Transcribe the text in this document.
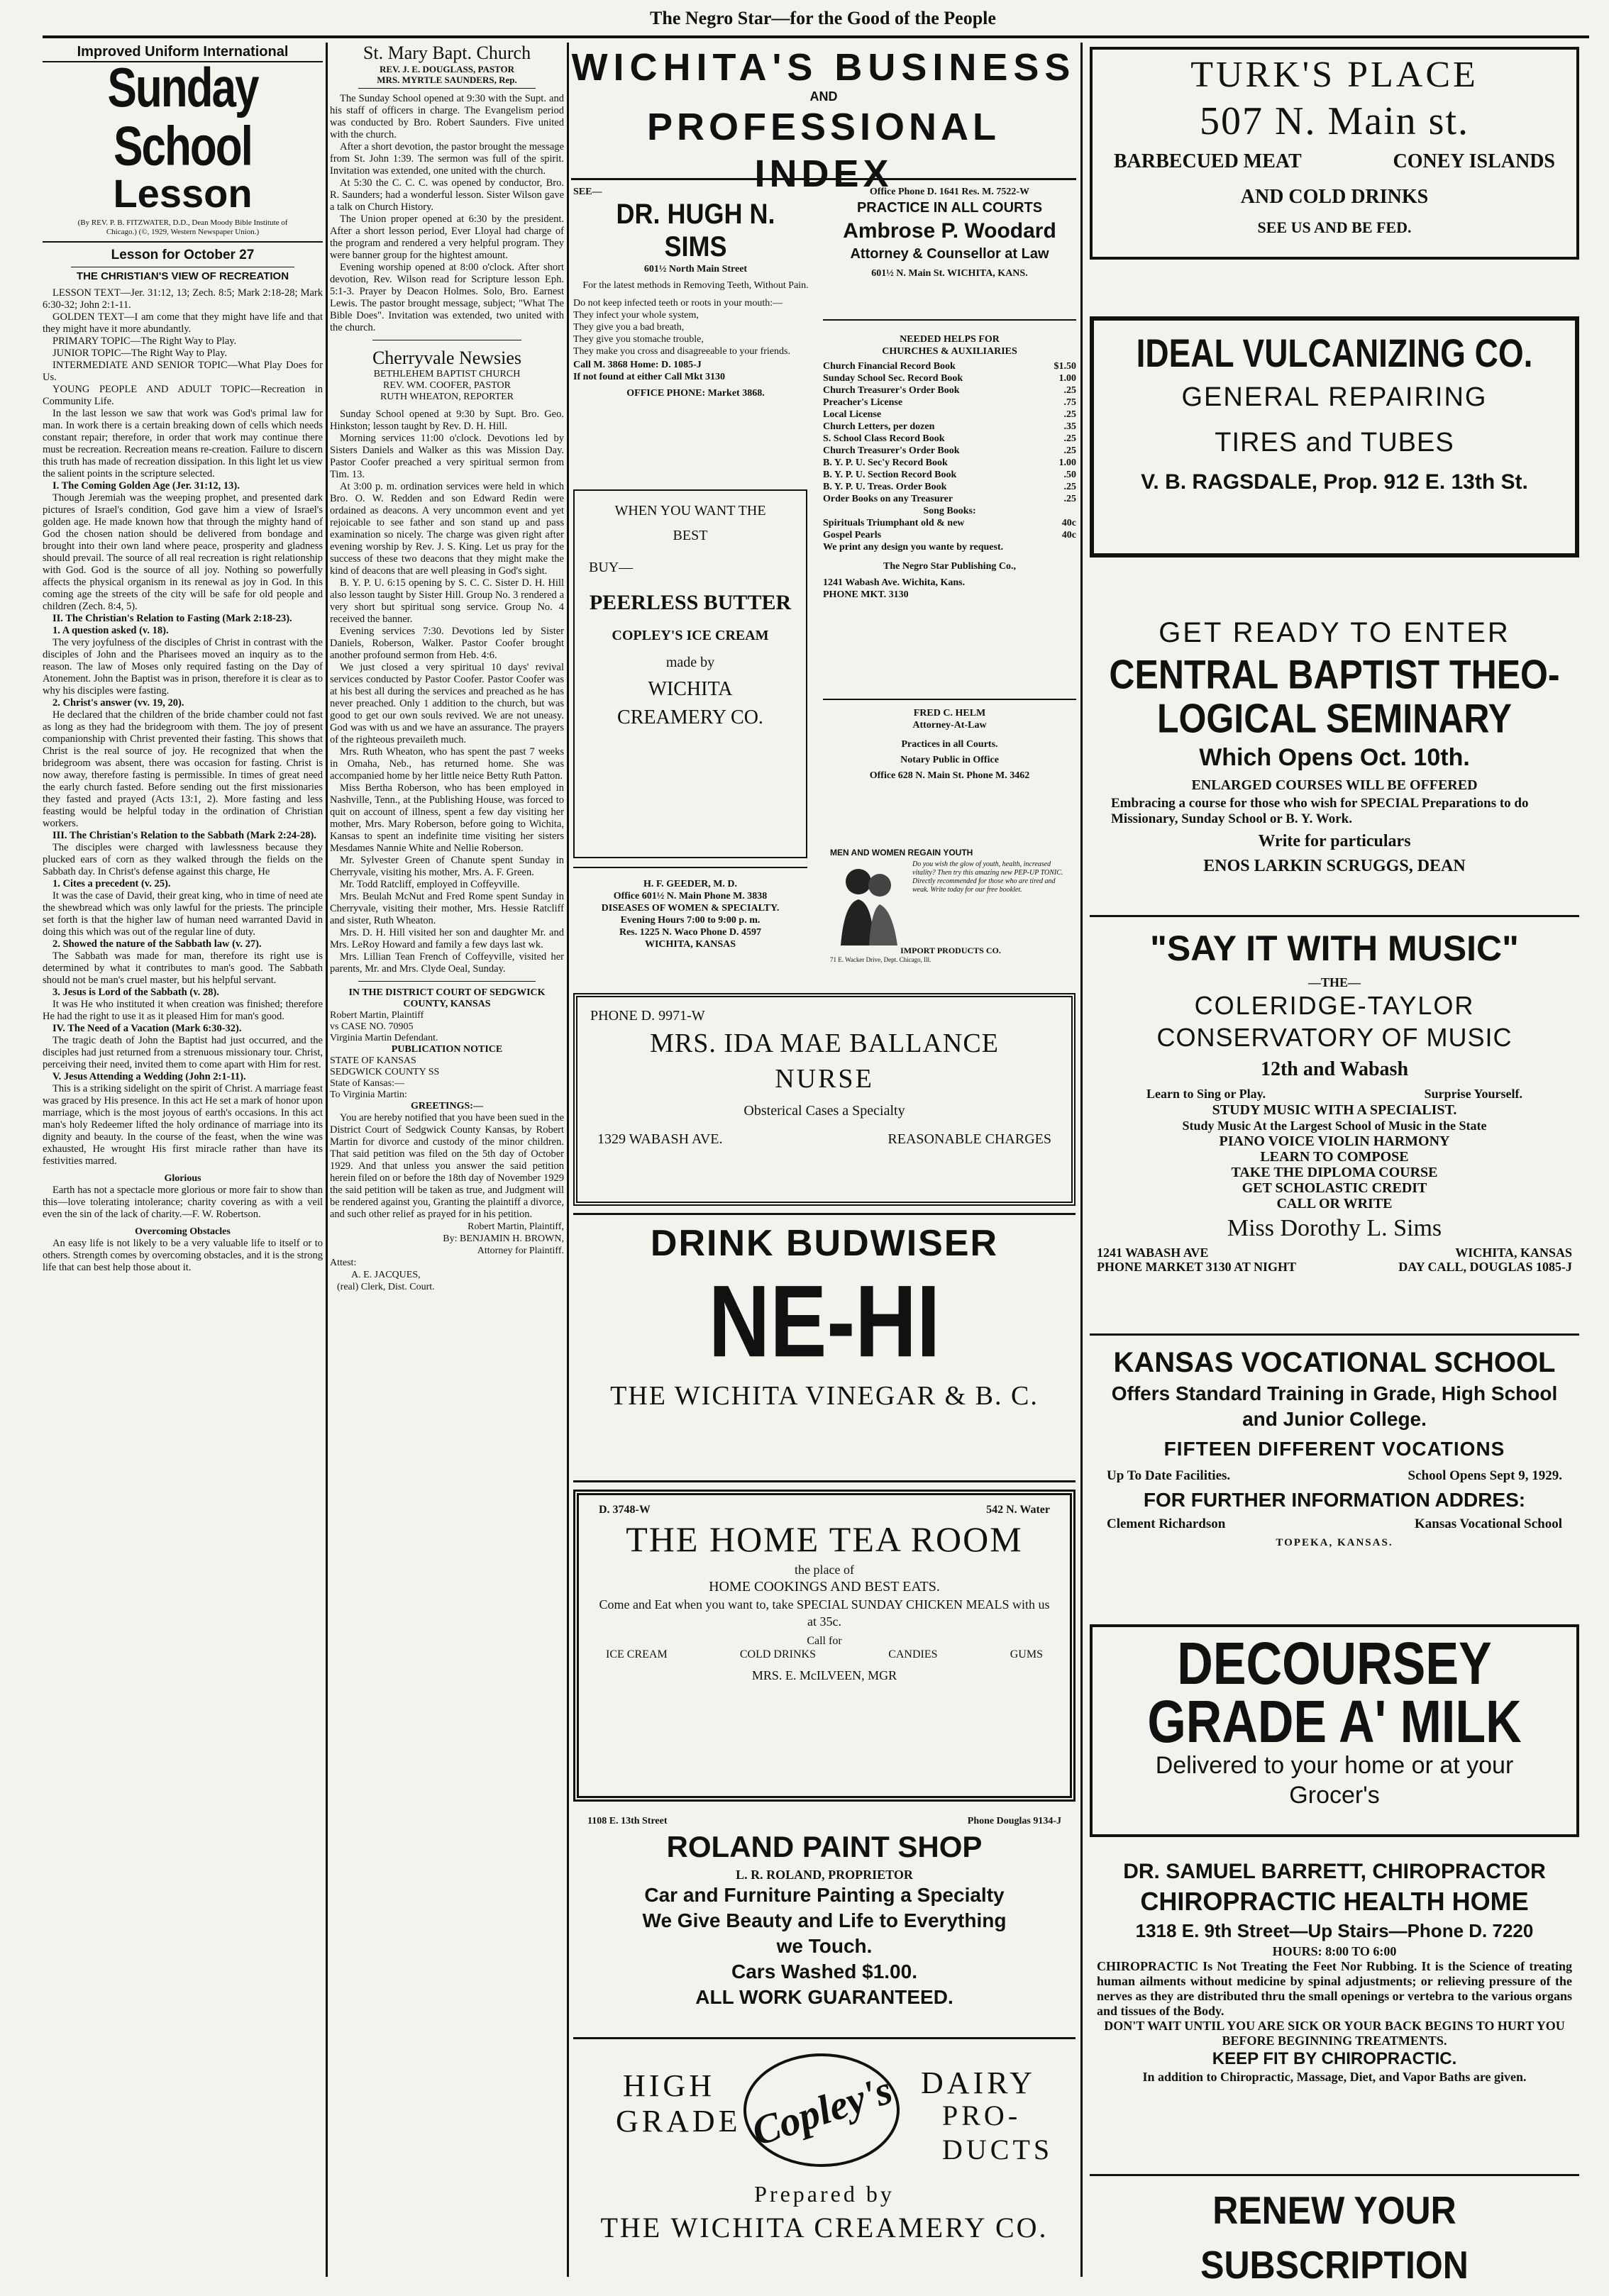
The Negro Star—for the Good of the People
Improved Uniform International
Sunday School
Lesson
(By REV. P. B. FITZWATER, D.D., Dean Moody Bible Institute of Chicago.) (©, 1929, Western Newspaper Union.)
Lesson for October 27
THE CHRISTIAN'S VIEW OF RECREATION
LESSON TEXT—Jer. 31:12, 13; Zech. 8:5; Mark 2:18-28; Mark 6:30-32; John 2:1-11.
GOLDEN TEXT—I am come that they might have life and that they might have it more abundantly.
PRIMARY TOPIC—The Right Way to Play.
JUNIOR TOPIC—The Right Way to Play.
INTERMEDIATE AND SENIOR TOPIC—What Play Does for Us.
YOUNG PEOPLE AND ADULT TOPIC—Recreation in Community Life.
In the last lesson we saw that work was God's primal law for man. In work there is a certain breaking down of cells which needs constant repair; therefore, in order that work may continue there must be recreation. Recreation means re-creation. Failure to discern this truth has made of recreation dissipation. In this light let us view the salient points in the scripture selected.
I. The Coming Golden Age (Jer. 31:12, 13).
Though Jeremiah was the weeping prophet, and presented dark pictures of Israel's condition, God gave him a view of Israel's golden age. He made known how that through the mighty hand of God the chosen nation should be delivered from bondage and brought into their own land where peace, prosperity and gladness should prevail. The source of all real recreation is right relationship with God. God is the source of all joy. Nothing so powerfully affects the physical organism in its renewal as joy in God. In this coming age the streets of the city will be safe for old people and children (Zech. 8:4, 5).
II. The Christian's Relation to Fasting (Mark 2:18-23).
1. A question asked (v. 18).
The very joyfulness of the disciples of Christ in contrast with the disciples of John and the Pharisees moved an inquiry as to the reason. The law of Moses only required fasting on the Day of Atonement. John the Baptist was in prison, therefore it is clear as to why his disciples were fasting.
2. Christ's answer (vv. 19, 20).
He declared that the children of the bride chamber could not fast as long as they had the bridegroom with them. The joy of present companionship with Christ prevented their fasting. This shows that Christ is the real source of joy. He recognized that when the bridegroom was absent, there was occasion for fasting. Christ is now away, therefore fasting is permissible. In times of great need the early church fasted. Before sending out the first missionaries they fasted and prayed (Acts 13:1, 2). More fasting and less feasting would be helpful today in the ordination of Christian workers.
III. The Christian's Relation to the Sabbath (Mark 2:24-28).
The disciples were charged with lawlessness because they plucked ears of corn as they walked through the fields on the Sabbath day. In Christ's defense against this charge, He
1. Cites a precedent (v. 25).
It was the case of David, their great king, who in time of need ate the shewbread which was only lawful for the priests. The principle set forth is that the higher law of human need warranted David in doing this which was out of the regular line of duty.
2. Showed the nature of the Sabbath law (v. 27).
The Sabbath was made for man, therefore its right use is determined by what it contributes to man's good. The Sabbath should not be man's cruel master, but his helpful servant.
3. Jesus is Lord of the Sabbath (v. 28).
It was He who instituted it when creation was finished; therefore He had the right to use it as it pleased Him for man's good.
IV. The Need of a Vacation (Mark 6:30-32).
The tragic death of John the Baptist had just occurred, and the disciples had just returned from a strenuous missionary tour. Christ, perceiving their need, invited them to come apart with Him for rest.
V. Jesus Attending a Wedding (John 2:1-11).
This is a striking sidelight on the spirit of Christ. A marriage feast was graced by His presence. In this act He set a mark of honor upon marriage, which is the most joyous of earth's occasions. In this act man's holy Redeemer lifted the holy ordinance of marriage into its dignity and beauty. In the course of the feast, when the wine was exhausted, He wrought His first miracle rather than have its festivities marred.
Glorious
Earth has not a spectacle more glorious or more fair to show than this—love tolerating intolerance; charity covering as with a veil even the sin of the lack of charity.—F. W. Robertson.
Overcoming Obstacles
An easy life is not likely to be a very valuable life to itself or to others. Strength comes by overcoming obstacles, and it is the strong life that can best help those about it.
St. Mary Bapt. Church
REV. J. E. DOUGLASS, PASTOR
MRS. MYRTLE SAUNDERS, Rep.
The Sunday School opened at 9:30 with the Supt. and his staff of officers in charge. The Evangelism period was conducted by Bro. Robert Saunders. Five united with the church.
After a short devotion, the pastor brought the message from St. John 1:39. The sermon was full of the spirit. Invitation was extended, one united with the church.
At 5:30 the C. C. C. was opened by conductor, Bro. R. Saunders; had a wonderful lesson. Sister Wilson gave a talk on Church History.
The Union proper opened at 6:30 by the president. After a short lesson period, Ever Lloyal had charge of the program and rendered a very helpful program. They were banner group for the hightest amount.
Evening worship opened at 8:00 o'clock. After short devotion, Rev. Wilson read for Scripture lesson Eph. 5:1-3. Prayer by Deacon Holmes. Solo, Bro. Earnest Lewis. The pastor brought message, subject; "What The Bible Does". Invitation was extended, two united with the church.
Cherryvale Newsies
BETHLEHEM BAPTIST CHURCH
REV. WM. COOFER, PASTOR
RUTH WHEATON, REPORTER
Sunday School opened at 9:30 by Supt. Bro. Geo. Hinkston; lesson taught by Rev. D. H. Hill.
Morning services 11:00 o'clock. Devotions led by Sisters Daniels and Walker as this was Mission Day. Pastor Coofer preached a very spiritual sermon from Tim. 13.
At 3:00 p. m. ordination services were held in which Bro. O. W. Redden and son Edward Redin were ordained as deacons. A very uncommon event and yet rejoicable to see father and son stand up and pass examination so nicely. The charge was given right after evening worship by Rev. J. S. King. Let us pray for the success of these two deacons that they might make the kind of deacons that are well pleasing in God's sight.
B. Y. P. U. 6:15 opening by S. C. C. Sister D. H. Hill also lesson taught by Sister Hill. Group No. 3 rendered a very short but spiritual song service. Group No. 4 received the banner.
Evening services 7:30. Devotions led by Sister Daniels, Roberson, Walker. Pastor Coofer brought another profound sermon from Heb. 4:6.
We just closed a very spiritual 10 days' revival services conducted by Pastor Coofer. Pastor Coofer was at his best all during the services and preached as he has never preached. Only 1 addition to the church, but was good to get our own souls revived. We are not uneasy. God was with us and we have an assurance. The prayers of the righteous prevaileth much.
Mrs. Ruth Wheaton, who has spent the past 7 weeks in Omaha, Neb., has returned home. She was accompanied home by her little neice Betty Ruth Patton.
Miss Bertha Roberson, who has been employed in Nashville, Tenn., at the Publishing House, was forced to quit on account of illness, spent a few day visiting her mother, Mrs. Mary Roberson, before going to Wichita, Kansas to spent an indefinite time visiting her sisters Mesdames Nannie White and Nellie Roberson.
Mr. Sylvester Green of Chanute spent Sunday in Cherryvale, visiting his mother, Mrs. A. F. Green.
Mr. Todd Ratcliff, employed in Coffeyville.
Mrs. Beulah McNut and Fred Rome spent Sunday in Cherryvale, visiting their mother, Mrs. Hessie Ratcliff and sister, Ruth Wheaton.
Mrs. D. H. Hill visited her son and daughter Mr. and Mrs. LeRoy Howard and family a few days last wk.
Mrs. Lillian Tean French of Coffeyville, visited her parents, Mr. and Mrs. Clyde Oeal, Sunday.
IN THE DISTRICT COURT OF SEDGWICK COUNTY, KANSAS
Robert Martin, Plaintiff
vs CASE NO. 70905
Virginia Martin Defendant.
PUBLICATION NOTICE
STATE OF KANSAS
SEDGWICK COUNTY SS
State of Kansas:—
To Virginia Martin:
GREETINGS:—
You are hereby notified that you have been sued in the District Court of Sedgwick County Kansas, by Robert Martin for divorce and custody of the minor children. That said petition was filed on the 5th day of October 1929. And that unless you answer the said petition herein filed on or before the 18th day of November 1929 the said petition will be taken as true, and Judgment will be rendered against you, Granting the plaintiff a divorce, and such other relief as prayed for in his petition.
Robert Martin, Plaintiff,
By: BENJAMIN H. BROWN,
Attorney for Plaintiff.
Attest:
A. E. JACQUES,
(real) Clerk, Dist. Court.
WICHITA'S BUSINESS
AND
PROFESSIONAL INDEX
SEE—
DR. HUGH N. SIMS
601½ North Main Street
For the latest methods in Removing Teeth, Without Pain.
Do not keep infected teeth or roots in your mouth:—
They infect your whole system,
They give you a bad breath,
They give you stomache trouble,
They make you cross and disagreeable to your friends.
Call M. 3868 Home: D. 1085-J
If not found at either Call Mkt 3130
OFFICE PHONE: Market 3868.
Office Phone D. 1641 Res. M. 7522-W
PRACTICE IN ALL COURTS
Ambrose P. Woodard
Attorney & Counsellor at Law
601½ N. Main St. WICHITA, KANS.
NEEDED HELPS FOR
CHURCHES & AUXILIARIES
Church Financial Record Book	$1.50
Sunday School Sec. Record Book	1.00
Church Treasurer's Order Book	.25
Preacher's License	.75
Local License	.25
Church Letters, per dozen	.35
S. School Class Record Book	.25
Church Treasurer's Order Book	.25
B. Y. P. U. Sec'y Record Book	1.00
B. Y. P. U. Section Record Book	.50
B. Y. P. U. Treas. Order Book	.25
Order Books on any Treasurer	.25
Song Books:
Spirituals Triumphant old & new	40c
Gospel Pearls	40c
We print any design you wante by request.
The Negro Star Publishing Co.,
1241 Wabash Ave. Wichita, Kans.
PHONE MKT. 3130
WHEN YOU WANT THE
BEST
BUY—
PEERLESS BUTTER
COPLEY'S ICE CREAM
made by
WICHITA
CREAMERY CO.	FRED C. HELM
Attorney-At-Law
Practices in all Courts.
Notary Public in Office
Office 628 N. Main St. Phone M. 3462
MEN AND WOMEN REGAIN YOUTH
Do you wish the glow of youth, health, increased vitality? Then try this amazing new PEP-UP TONIC. Directly recommended for those who are tired and weak. Write today for our free booklet.
IMPORT PRODUCTS CO.
71 E. Wacker Drive, Dept. Chicago, Ill.
H. F. GEEDER, M. D.
Office 601½ N. Main Phone M. 3838
DISEASES OF WOMEN & SPECIALTY.
Evening Hours 7:00 to 9:00 p. m.
Res. 1225 N. Waco Phone D. 4597
WICHITA, KANSAS
PHONE D. 9971-W
MRS. IDA MAE BALLANCE
NURSE
Obsterical Cases a Specialty
1329 WABASH AVE.	REASONABLE CHARGES
DRINK BUDWISER
NE-HI
THE WICHITA VINEGAR & B. C.
D. 3748-W	542 N. Water
THE HOME TEA ROOM
the place of
HOME COOKINGS AND BEST EATS.
Come and Eat when you want to, take SPECIAL SUNDAY CHICKEN MEALS with us at 35c.
Call for
ICE CREAM	COLD DRINKS	CANDIES	GUMS
MRS. E. McILVEEN, MGR
1108 E. 13th Street	Phone Douglas 9134-J
ROLAND PAINT SHOP
L. R. ROLAND, PROPRIETOR
Car and Furniture Painting a Specialty
We Give Beauty and Life to Everything
we Touch.
Cars Washed $1.00.
ALL WORK GUARANTEED.
HIGH
GRADE Copley's DAIRY
PRO-
DUCTS
Prepared by
THE WICHITA CREAMERY CO.
TURK'S PLACE
507 N. Main st.
BARBECUED MEAT	CONEY ISLANDS
AND COLD DRINKS
SEE US AND BE FED.
IDEAL VULCANIZING CO.
GENERAL REPAIRING
TIRES and TUBES
V. B. RAGSDALE, Prop. 912 E. 13th St.
GET READY TO ENTER
CENTRAL BAPTIST THEO-
LOGICAL SEMINARY
Which Opens Oct. 10th.
ENLARGED COURSES WILL BE OFFERED
Embracing a course for those who wish for SPECIAL Preparations to do Missionary, Sunday School or B. Y. Work.
Write for particulars
ENOS LARKIN SCRUGGS, DEAN
"SAY IT WITH MUSIC"
—THE—
COLERIDGE-TAYLOR
CONSERVATORY OF MUSIC
12th and Wabash
Learn to Sing or Play.	Surprise Yourself.
STUDY MUSIC WITH A SPECIALIST.
Study Music At the Largest School of Music in the State
PIANO VOICE VIOLIN HARMONY
LEARN TO COMPOSE
TAKE THE DIPLOMA COURSE
GET SCHOLASTIC CREDIT
CALL OR WRITE
Miss Dorothy L. Sims
1241 WABASH AVE	WICHITA, KANSAS
PHONE MARKET 3130 AT NIGHT	DAY CALL, DOUGLAS 1085-J
KANSAS VOCATIONAL SCHOOL
Offers Standard Training in Grade, High School and Junior College.
FIFTEEN DIFFERENT VOCATIONS
Up To Date Facilities.	School Opens Sept 9, 1929.
FOR FURTHER INFORMATION ADDRES:
Clement Richardson	Kansas Vocational School
TOPEKA, KANSAS.
DECOURSEY
GRADE A' MILK
Delivered to your home or at your Grocer's
DR. SAMUEL BARRETT, CHIROPRACTOR
CHIROPRACTIC HEALTH HOME
1318 E. 9th Street—Up Stairs—Phone D. 7220
HOURS: 8:00 TO 6:00
CHIROPRACTIC Is Not Treating the Feet Nor Rubbing. It is the Science of treating human ailments without medicine by spinal adjustments; or relieving pressure of the nerves as they are distributed thru the small openings or vertebra to the various organs and tissues of the Body.
DON'T WAIT UNTIL YOU ARE SICK OR YOUR BACK BEGINS TO HURT YOU BEFORE BEGINNING TREATMENTS.
KEEP FIT BY CHIROPRACTIC.
In addition to Chiropractic, Massage, Diet, and Vapor Baths are given.
RENEW YOUR SUBSCRIPTION
